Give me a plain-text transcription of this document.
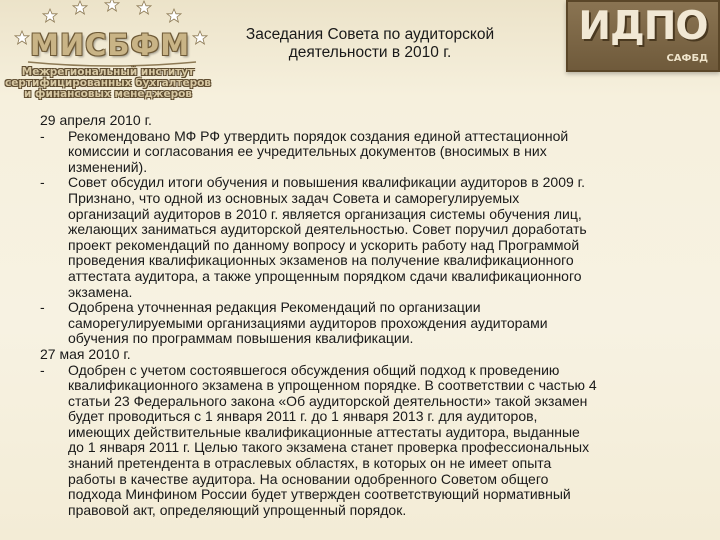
МИСБФМ
Межрегиональный институт
сертифицированных бухгалтеров
и финансовых менеджеров
Заседания Совета по аудиторской
деятельности в 2010 г.
ИДПО
САФБД

29 апреля 2010 г.

- Рекомендовано МФ РФ утвердить порядок создания единой аттестационной
комиссии и согласования ее учредительных документов (вносимых в них
изменений).
- Совет обсудил итоги обучения и повышения квалификации аудиторов в 2009 г.
Признано, что одной из основных задач Совета и саморегулируемых
организаций аудиторов в 2010 г. является организация системы обучения лиц,
желающих заниматься аудиторской деятельностью. Совет поручил доработать
проект рекомендаций по данному вопросу и ускорить работу над Программой
проведения квалификационных экзаменов на получение квалификационного
аттестата аудитора, а также упрощенным порядком сдачи квалификационного
экзамена.
- Одобрена уточненная редакция Рекомендаций по организации
саморегулируемыми организациями аудиторов прохождения аудиторами
обучения по программам повышения квалификации.

27 мая 2010 г.

- Одобрен с учетом состоявшегося обсуждения общий подход к проведению
квалификационного экзамена в упрощенном порядке. В соответствии с частью 4
статьи 23 Федерального закона «Об аудиторской деятельности» такой экзамен
будет проводиться с 1 января 2011 г. до 1 января 2013 г. для аудиторов,
имеющих действительные квалификационные аттестаты аудитора, выданные
до 1 января 2011 г. Целью такого экзамена станет проверка профессиональных
знаний претендента в отраслевых областях, в которых он не имеет опыта
работы в качестве аудитора. На основании одобренного Советом общего
подхода Минфином России будет утвержден соответствующий нормативный
правовой акт, определяющий упрощенный порядок.
